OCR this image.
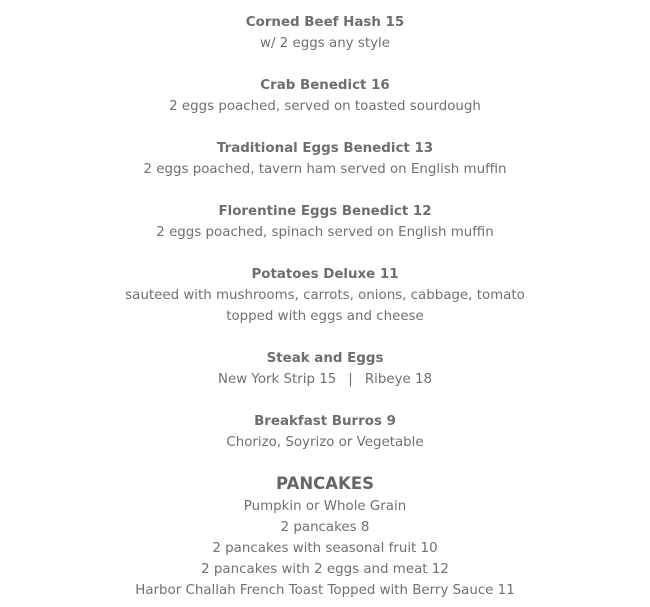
Corned Beef Hash 15
w/ 2 eggs any style
Crab Benedict 16
2 eggs poached, served on toasted sourdough
Traditional Eggs Benedict 13
2 eggs poached, tavern ham served on English muffin
Florentine Eggs Benedict 12
2 eggs poached, spinach served on English muffin
Potatoes Deluxe 11
sauteed with mushrooms, carrots, onions, cabbage, tomato
topped with eggs and cheese
Steak and Eggs
New York Strip 15 | Ribeye 18
Breakfast Burros 9
Chorizo, Soyrizo or Vegetable
PANCAKES
Pumpkin or Whole Grain
2 pancakes 8
2 pancakes with seasonal fruit 10
2 pancakes with 2 eggs and meat 12
Harbor Challah French Toast Topped with Berry Sauce 11
